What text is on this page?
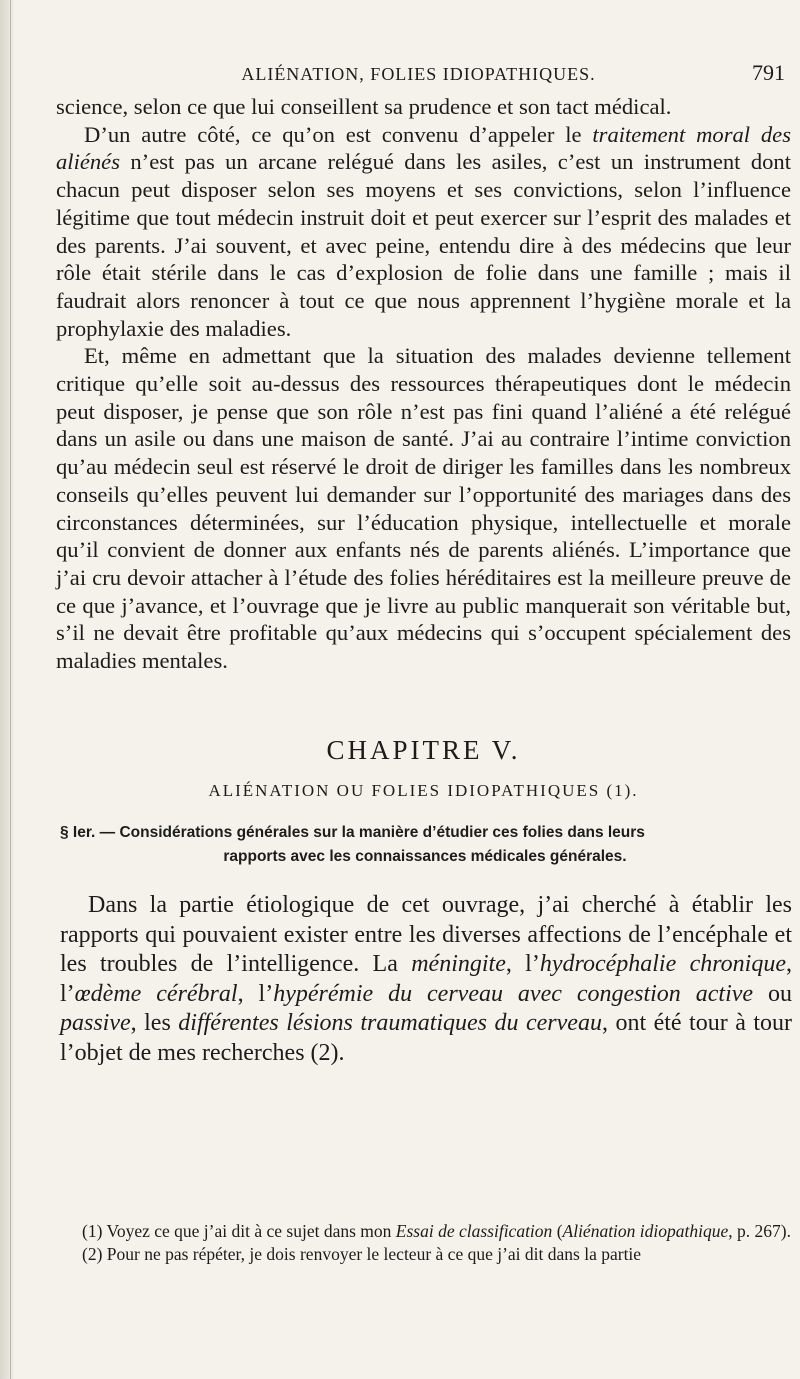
ALIÉNATION, FOLIES IDIOPATHIQUES.	791

science, selon ce que lui conseillent sa prudence et son tact médical.

D’un autre côté, ce qu’on est convenu d’appeler le traitement moral des aliénés n’est pas un arcane relégué dans les asiles, c’est un instrument dont chacun peut disposer selon ses moyens et ses convictions, selon l’influence légitime que tout médecin instruit doit et peut exercer sur l’esprit des malades et des parents. J’ai souvent, et avec peine, entendu dire à des médecins que leur rôle était stérile dans le cas d’explosion de folie dans une famille ; mais il faudrait alors renoncer à tout ce que nous apprennent l’hygiène morale et la prophylaxie des maladies.

Et, même en admettant que la situation des malades devienne tellement critique qu’elle soit au-dessus des ressources thérapeutiques dont le médecin peut disposer, je pense que son rôle n’est pas fini quand l’aliéné a été relégué dans un asile ou dans une maison de santé. J’ai au contraire l’intime conviction qu’au médecin seul est réservé le droit de diriger les familles dans les nombreux conseils qu’elles peuvent lui demander sur l’opportunité des mariages dans des circonstances déterminées, sur l’éducation physique, intellectuelle et morale qu’il convient de donner aux enfants nés de parents aliénés. L’importance que j’ai cru devoir attacher à l’étude des folies héréditaires est la meilleure preuve de ce que j’avance, et l’ouvrage que je livre au public manquerait son véritable but, s’il ne devait être profitable qu’aux médecins qui s’occupent spécialement des maladies mentales.

CHAPITRE V.
ALIÉNATION OU FOLIES IDIOPATHIQUES (1).
§ Ier. — Considérations générales sur la manière d’étudier ces folies dans leurs
rapports avec les connaissances médicales générales.

Dans la partie étiologique de cet ouvrage, j’ai cherché à établir les rapports qui pouvaient exister entre les diverses affections de l’encéphale et les troubles de l’intelligence. La méningite, l’hydrocéphalie chronique, l’œdème cérébral, l’hypérémie du cerveau avec congestion active ou passive, les différentes lésions traumatiques du cerveau, ont été tour à tour l’objet de mes recherches (2).

(1) Voyez ce que j’ai dit à ce sujet dans mon Essai de classification (Aliénation idiopathique, p. 267).

(2) Pour ne pas répéter, je dois renvoyer le lecteur à ce que j’ai dit dans la partie
